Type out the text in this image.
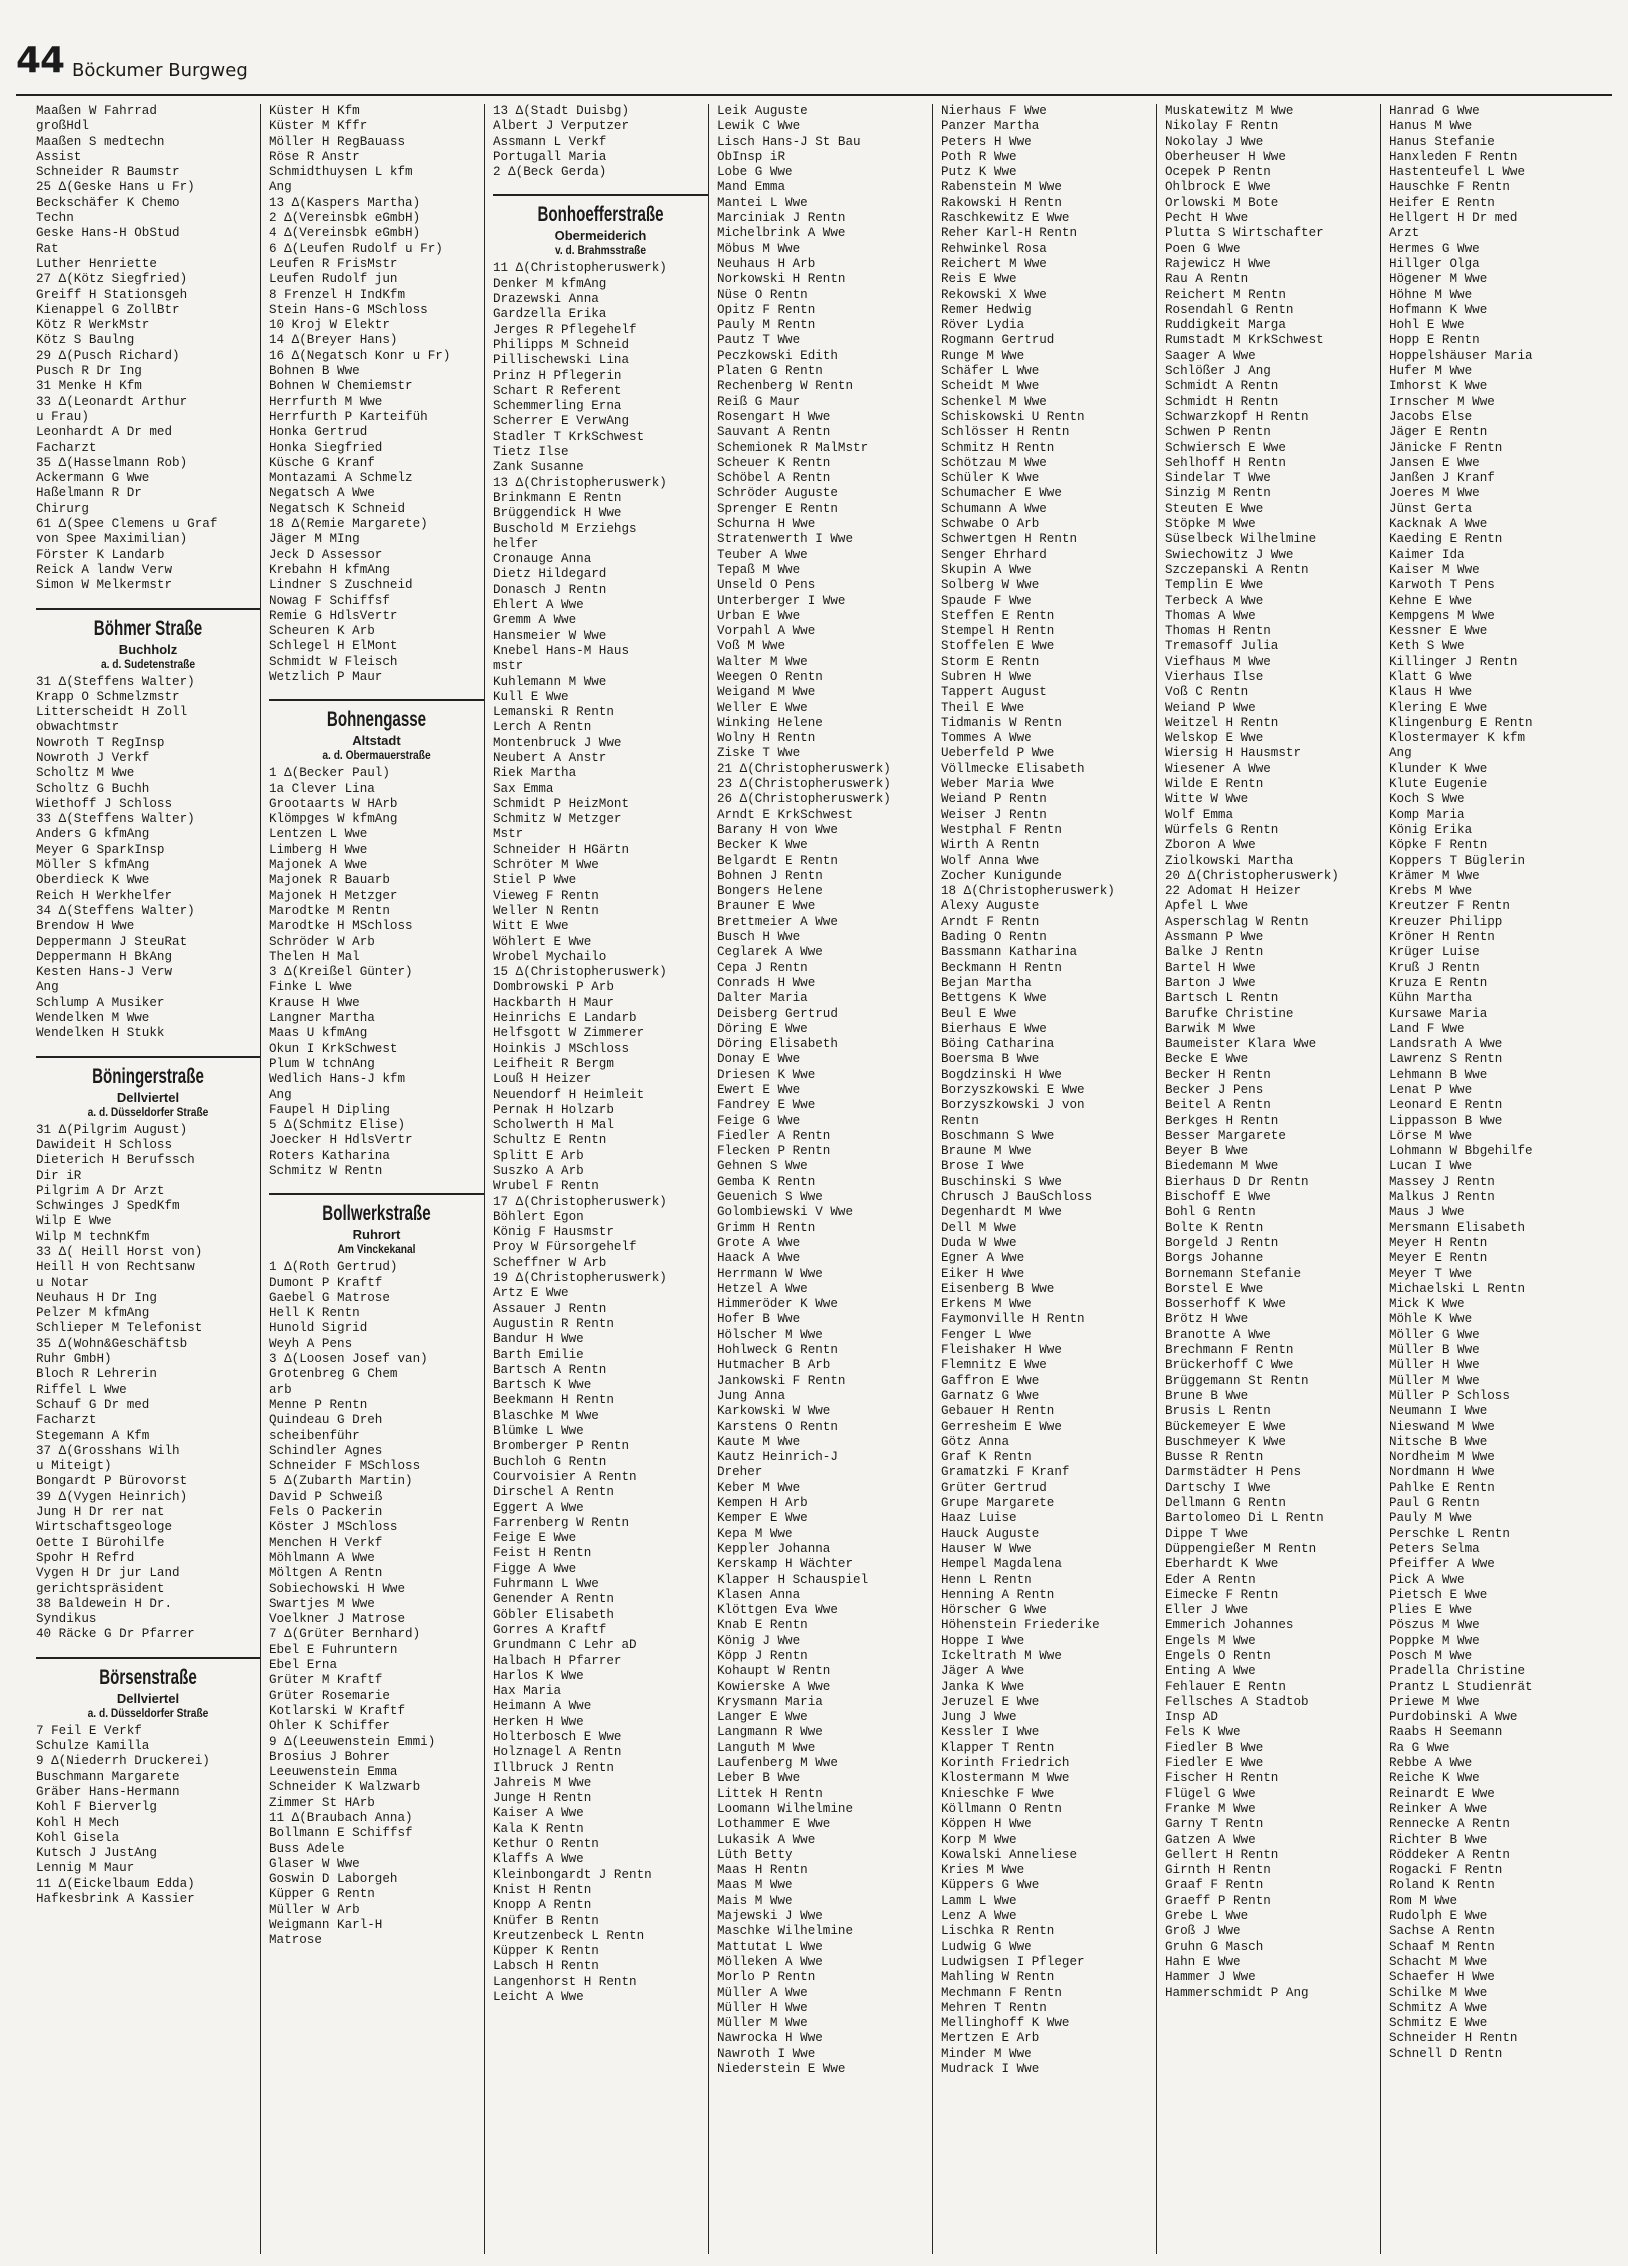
44 Böckumer Burgweg
Maaßen W Fahrrad
großHdl
Maaßen S medtechn
Assist
Schneider R Baumstr
25 Δ(Geske Hans u Fr)
Beckschäfer K Chemo
Techn
Geske Hans-H ObStud
Rat
Luther Henriette
27 Δ(Kötz Siegfried)
Greiff H Stationsgeh
Kienappel G ZollBtr
Kötz R WerkMstr
Kötz S Baulng
29 Δ(Pusch Richard)
Pusch R Dr Ing
31 Menke H Kfm
33 Δ(Leonardt Arthur
u Frau)
Leonhardt A Dr med
Facharzt
35 Δ(Hasselmann Rob)
Ackermann G Wwe
Haßelmann R Dr
Chirurg
61 Δ(Spee Clemens u Graf
von Spee Maximilian)
Förster K Landarb
Reick A landw Verw
Simon W Melkermstr
Böhmer Straße
Buchholz
a. d. Sudetenstraße
31 Δ(Steffens Walter)
Krapp O Schmelzmstr
Litterscheidt H Zoll
obwachtmstr
Nowroth T RegInsp
Nowroth J Verkf
Scholtz M Wwe
Scholtz G Buchh
Wiethoff J Schloss
33 Δ(Steffens Walter)
Anders G kfmAng
Meyer G SparkInsp
Möller S kfmAng
Oberdieck K Wwe
Reich H Werkhelfer
34 Δ(Steffens Walter)
Brendow H Wwe
Deppermann J SteuRat
Deppermann H BkAng
Kesten Hans-J Verw
Ang
Schlump A Musiker
Wendelken M Wwe
Wendelken H Stukk
Böningerstraße
Dellviertel
a. d. Düsseldorfer Straße
31 Δ(Pilgrim August)
Dawideit H Schloss
Dieterich H Berufssch
Dir iR
Pilgrim A Dr Arzt
Schwinges J SpedKfm
Wilp E Wwe
Wilp M technKfm
33 Δ( Heill Horst von)
Heill H von Rechtsanw
u Notar
Neuhaus H Dr Ing
Pelzer M kfmAng
Schlieper M Telefonist
35 Δ(Wohn&Geschäftsb
Ruhr GmbH)
Bloch R Lehrerin
Riffel L Wwe
Schauf G Dr med
Facharzt
Stegemann A Kfm
37 Δ(Grosshans Wilh
u Miteigt)
Bongardt P Bürovorst
39 Δ(Vygen Heinrich)
Jung H Dr rer nat
Wirtschaftsgeologe
Oette I Bürohilfe
Spohr H Refrd
Vygen H Dr jur Land
gerichtspräsident
38 Baldewein H Dr.
Syndikus
40 Räcke G Dr Pfarrer
Börsenstraße
Dellviertel
a. d. Düsseldorfer Straße
7 Feil E Verkf
Schulze Kamilla
9 Δ(Niederrh Druckerei)
Buschmann Margarete
Gräber Hans-Hermann
Kohl F Bierverlg
Kohl H Mech
Kohl Gisela
Kutsch J JustAng
Lennig M Maur
11 Δ(Eickelbaum Edda)
Hafkesbrink A Kassier
Küster H Kfm
Küster M Kffr
Möller H RegBauass
Röse R Anstr
Schmidthuysen L kfm
Ang
13 Δ(Kaspers Martha)
2 Δ(Vereinsbk eGmbH)
4 Δ(Vereinsbk eGmbH)
6 Δ(Leufen Rudolf u Fr)
Leufen R FrisMstr
Leufen Rudolf jun
8 Frenzel H IndKfm
Stein Hans-G MSchloss
10 Kroj W Elektr
14 Δ(Breyer Hans)
16 Δ(Negatsch Konr u Fr)
Bohnen B Wwe
Bohnen W Chemiemstr
Herrfurth M Wwe
Herrfurth P Karteifüh
Honka Gertrud
Honka Siegfried
Küsche G Kranf
Montazami A Schmelz
Negatsch A Wwe
Negatsch K Schneid
18 Δ(Remie Margarete)
Jäger M MIng
Jeck D Assessor
Krebahn H kfmAng
Lindner S Zuschneid
Nowag F Schiffsf
Remie G HdlsVertr
Scheuren K Arb
Schlegel H ElMont
Schmidt W Fleisch
Wetzlich P Maur
Bohnengasse
Altstadt
a. d. Obermauerstraße
1 Δ(Becker Paul)
1a Clever Lina
Grootaarts W HArb
Klömpges W kfmAng
Lentzen L Wwe
Limberg H Wwe
Majonek A Wwe
Majonek R Bauarb
Majonek H Metzger
Marodtke M Rentn
Marodtke H MSchloss
Schröder W Arb
Thelen H Mal
3 Δ(Kreißel Günter)
Finke L Wwe
Krause H Wwe
Langner Martha
Maas U kfmAng
Okun I KrkSchwest
Plum W tchnAng
Wedlich Hans-J kfm
Ang
Faupel H Dipling
5 Δ(Schmitz Elise)
Joecker H HdlsVertr
Roters Katharina
Schmitz W Rentn
Bollwerkstraße
Ruhrort
Am Vinckekanal
1 Δ(Roth Gertrud)
Dumont P Kraftf
Gaebel G Matrose
Hell K Rentn
Hunold Sigrid
Weyh A Pens
3 Δ(Loosen Josef van)
Grotenbreg G Chem
arb
Menne P Rentn
Quindeau G Dreh
scheibenführ
Schindler Agnes
Schneider F MSchloss
5 Δ(Zubarth Martin)
David P Schweiß
Fels O Packerin
Köster J MSchloss
Menchen H Verkf
Möhlmann A Wwe
Möltgen A Rentn
Sobiechowski H Wwe
Swartjes M Wwe
Voelkner J Matrose
7 Δ(Grüter Bernhard)
Ebel E Fuhruntern
Ebel Erna
Grüter M Kraftf
Grüter Rosemarie
Kotlarski W Kraftf
Ohler K Schiffer
9 Δ(Leeuwenstein Emmi)
Brosius J Bohrer
Leeuwenstein Emma
Schneider K Walzwarb
Zimmer St HArb
11 Δ(Braubach Anna)
Bollmann E Schiffsf
Buss Adele
Glaser W Wwe
Goswin D Laborgeh
Küpper G Rentn
Müller W Arb
Weigmann Karl-H
Matrose
13 Δ(Stadt Duisbg)
Albert J Verputzer
Assmann L Verkf
Portugall Maria
2 Δ(Beck Gerda)
Bonhoefferstraße
Obermeiderich
v. d. Brahmsstraße
11 Δ(Christopheruswerk)
Denker M kfmAng
Drazewski Anna
Gardzella Erika
Jerges R Pflegehelf
Philipps M Schneid
Pillischewski Lina
Prinz H Pflegerin
Schart R Referent
Schemmerling Erna
Scherrer E VerwAng
Stadler T KrkSchwest
Tietz Ilse
Zank Susanne
13 Δ(Christopheruswerk)
Brinkmann E Rentn
Brüggendick H Wwe
Buschold M Erziehgs
helfer
Cronauge Anna
Dietz Hildegard
Donasch J Rentn
Ehlert A Wwe
Gremm A Wwe
Hansmeier W Wwe
Knebel Hans-M Haus
mstr
Kuhlemann M Wwe
Kull E Wwe
Lemanski R Rentn
Lerch A Rentn
Montenbruck J Wwe
Neubert A Anstr
Riek Martha
Sax Emma
Schmidt P HeizMont
Schmitz W Metzger
Mstr
Schneider H HGärtn
Schröter M Wwe
Stiel P Wwe
Vieweg F Rentn
Weller N Rentn
Witt E Wwe
Wöhlert E Wwe
Wrobel Mychailo
15 Δ(Christopheruswerk)
Dombrowski P Arb
Hackbarth H Maur
Heinrichs E Landarb
Helfsgott W Zimmerer
Hoinkis J MSchloss
Leifheit R Bergm
Louß H Heizer
Neuendorf H Heimleit
Pernak H Holzarb
Scholwerth H Mal
Schultz E Rentn
Splitt E Arb
Suszko A Arb
Wrubel F Rentn
17 Δ(Christopheruswerk)
Böhlert Egon
König F Hausmstr
Proy W Fürsorgehelf
Scheffner W Arb
19 Δ(Christopheruswerk)
Artz E Wwe
Assauer J Rentn
Augustin R Rentn
Bandur H Wwe
Barth Emilie
Bartsch A Rentn
Bartsch K Wwe
Beekmann H Rentn
Blaschke M Wwe
Blümke L Wwe
Bromberger P Rentn
Buchloh G Rentn
Courvoisier A Rentn
Dirschel A Rentn
Eggert A Wwe
Farrenberg W Rentn
Feige E Wwe
Feist H Rentn
Figge A Wwe
Fuhrmann L Wwe
Genender A Rentn
Göbler Elisabeth
Gorres A Kraftf
Grundmann C Lehr aD
Halbach H Pfarrer
Harlos K Wwe
Hax Maria
Heimann A Wwe
Herken H Wwe
Holterbosch E Wwe
Holznagel A Rentn
Illbruck J Rentn
Jahreis M Wwe
Junge H Rentn
Kaiser A Wwe
Kala K Rentn
Kethur O Rentn
Klaffs A Wwe
Kleinbongardt J Rentn
Knist H Rentn
Knopp A Rentn
Knüfer B Rentn
Kreutzenbeck L Rentn
Küpper K Rentn
Labsch H Rentn
Langenhorst H Rentn
Leicht A Wwe
Leik Auguste
Lewik C Wwe
Lisch Hans-J St Bau
ObInsp iR
Lobe G Wwe
Mand Emma
Mantei L Wwe
Marciniak J Rentn
Michelbrink A Wwe
Möbus M Wwe
Neuhaus H Arb
Norkowski H Rentn
Nüse O Rentn
Opitz F Rentn
Pauly M Rentn
Pautz T Wwe
Peczkowski Edith
Platen G Rentn
Rechenberg W Rentn
Reiß G Maur
Rosengart H Wwe
Sauvant A Rentn
Schemionek R MalMstr
Scheuer K Rentn
Schöbel A Rentn
Schröder Auguste
Sprenger E Rentn
Schurna H Wwe
Stratenwerth I Wwe
Teuber A Wwe
Tepaß M Wwe
Unseld O Pens
Unterberger I Wwe
Urban E Wwe
Vorpahl A Wwe
Voß M Wwe
Walter M Wwe
Weegen O Rentn
Weigand M Wwe
Weller E Wwe
Winking Helene
Wolny H Rentn
Ziske T Wwe
21 Δ(Christopheruswerk)
23 Δ(Christopheruswerk)
26 Δ(Christopheruswerk)
Arndt E KrkSchwest
Barany H von Wwe
Becker K Wwe
Belgardt E Rentn
Bohnen J Rentn
Bongers Helene
Brauner E Wwe
Brettmeier A Wwe
Busch H Wwe
Ceglarek A Wwe
Cepa J Rentn
Conrads H Wwe
Dalter Maria
Deisberg Gertrud
Döring E Wwe
Döring Elisabeth
Donay E Wwe
Driesen K Wwe
Ewert E Wwe
Fandrey E Wwe
Feige G Wwe
Fiedler A Rentn
Flecken P Rentn
Gehnen S Wwe
Gemba K Rentn
Geuenich S Wwe
Golombiewski V Wwe
Grimm H Rentn
Grote A Wwe
Haack A Wwe
Herrmann W Wwe
Hetzel A Wwe
Himmeröder K Wwe
Hofer B Wwe
Hölscher M Wwe
Hohlweck G Rentn
Hutmacher B Arb
Jankowski F Rentn
Jung Anna
Karkowski W Wwe
Karstens O Rentn
Kaute M Wwe
Kautz Heinrich-J
Dreher
Keber M Wwe
Kempen H Arb
Kemper E Wwe
Kepa M Wwe
Keppler Johanna
Kerskamp H Wächter
Klapper H Schauspiel
Klasen Anna
Klöttgen Eva Wwe
Knab E Rentn
König J Wwe
Köpp J Rentn
Kohaupt W Rentn
Kowierske A Wwe
Krysmann Maria
Langer E Wwe
Langmann R Wwe
Languth M Wwe
Laufenberg M Wwe
Leber B Wwe
Littek H Rentn
Loomann Wilhelmine
Lothammer E Wwe
Lukasik A Wwe
Lüth Betty
Maas H Rentn
Maas M Wwe
Mais M Wwe
Majewski J Wwe
Maschke Wilhelmine
Mattutat L Wwe
Mölleken A Wwe
Morlo P Rentn
Müller A Wwe
Müller H Wwe
Müller M Wwe
Nawrocka H Wwe
Nawroth I Wwe
Niederstein E Wwe
Nierhaus F Wwe
Panzer Martha
Peters H Wwe
Poth R Wwe
Putz K Wwe
Rabenstein M Wwe
Rakowski H Rentn
Raschkewitz E Wwe
Reher Karl-H Rentn
Rehwinkel Rosa
Reichert M Wwe
Reis E Wwe
Rekowski X Wwe
Remer Hedwig
Röver Lydia
Rogmann Gertrud
Runge M Wwe
Schäfer L Wwe
Scheidt M Wwe
Schenkel M Wwe
Schiskowski U Rentn
Schlösser H Rentn
Schmitz H Rentn
Schötzau M Wwe
Schüler K Wwe
Schumacher E Wwe
Schumann A Wwe
Schwabe O Arb
Schwertgen H Rentn
Senger Ehrhard
Skupin A Wwe
Solberg W Wwe
Spaude F Wwe
Steffen E Rentn
Stempel H Rentn
Stoffelen E Wwe
Storm E Rentn
Subren H Wwe
Tappert August
Theil E Wwe
Tidmanis W Rentn
Tommes A Wwe
Ueberfeld P Wwe
Völlmecke Elisabeth
Weber Maria Wwe
Weiand P Rentn
Weiser J Rentn
Westphal F Rentn
Wirth A Rentn
Wolf Anna Wwe
Zocher Kunigunde
18 Δ(Christopheruswerk)
Alexy Auguste
Arndt F Rentn
Bading O Rentn
Bassmann Katharina
Beckmann H Rentn
Bejan Martha
Bettgens K Wwe
Beul E Wwe
Bierhaus E Wwe
Böing Catharina
Boersma B Wwe
Bogdzinski H Wwe
Borzyszkowski E Wwe
Borzyszkowski J von
Rentn
Boschmann S Wwe
Braune M Wwe
Brose I Wwe
Buschinski S Wwe
Chrusch J BauSchloss
Degenhardt M Wwe
Dell M Wwe
Duda W Wwe
Egner A Wwe
Eiker H Wwe
Eisenberg B Wwe
Erkens M Wwe
Faymonville H Rentn
Fenger L Wwe
Fleishaker H Wwe
Flemnitz E Wwe
Gaffron E Wwe
Garnatz G Wwe
Gebauer H Rentn
Gerresheim E Wwe
Götz Anna
Graf K Rentn
Gramatzki F Kranf
Grüter Gertrud
Grupe Margarete
Haaz Luise
Hauck Auguste
Hauser W Wwe
Hempel Magdalena
Henn L Rentn
Henning A Rentn
Hörscher G Wwe
Höhenstein Friederike
Hoppe I Wwe
Ickeltrath M Wwe
Jäger A Wwe
Janka K Wwe
Jeruzel E Wwe
Jung J Wwe
Kessler I Wwe
Klapper T Rentn
Korinth Friedrich
Klostermann M Wwe
Knieschke F Wwe
Köllmann O Rentn
Köppen H Wwe
Korp M Wwe
Kowalski Anneliese
Kries M Wwe
Küppers G Wwe
Lamm L Wwe
Lenz A Wwe
Lischka R Rentn
Ludwig G Wwe
Ludwigsen I Pfleger
Mahling W Rentn
Mechmann F Rentn
Mehren T Rentn
Mellinghoff K Wwe
Mertzen E Arb
Minder M Wwe
Mudrack I Wwe
Muskatewitz M Wwe
Nikolay F Rentn
Nokolay J Wwe
Oberheuser H Wwe
Ocepek P Rentn
Ohlbrock E Wwe
Orlowski M Bote
Pecht H Wwe
Plutta S Wirtschafter
Poen G Wwe
Rajewicz H Wwe
Rau A Rentn
Reichert M Rentn
Rosendahl G Rentn
Ruddigkeit Marga
Rumstadt M KrkSchwest
Saager A Wwe
Schlößer J Ang
Schmidt A Rentn
Schmidt H Rentn
Schwarzkopf H Rentn
Schwen P Rentn
Schwiersch E Wwe
Sehlhoff H Rentn
Sindelar T Wwe
Sinzig M Rentn
Steuten E Wwe
Stöpke M Wwe
Süselbeck Wilhelmine
Swiechowitz J Wwe
Szczepanski A Rentn
Templin E Wwe
Terbeck A Wwe
Thomas A Wwe
Thomas H Rentn
Tremasoff Julia
Viefhaus M Wwe
Vierhaus Ilse
Voß C Rentn
Weiand P Wwe
Weitzel H Rentn
Welskop E Wwe
Wiersig H Hausmstr
Wiesener A Wwe
Wilde E Rentn
Witte W Wwe
Wolf Emma
Würfels G Rentn
Zboron A Wwe
Ziolkowski Martha
20 Δ(Christopheruswerk)
22 Adomat H Heizer
Apfel L Wwe
Asperschlag W Rentn
Assmann P Wwe
Balke J Rentn
Bartel H Wwe
Barton J Wwe
Bartsch L Rentn
Barufke Christine
Barwik M Wwe
Baumeister Klara Wwe
Becke E Wwe
Becker H Rentn
Becker J Pens
Beitel A Rentn
Berkges H Rentn
Besser Margarete
Beyer B Wwe
Biedemann M Wwe
Bierhaus D Dr Rentn
Bischoff E Wwe
Bohl G Rentn
Bolte K Rentn
Borgeld J Rentn
Borgs Johanne
Bornemann Stefanie
Borstel E Wwe
Bosserhoff K Wwe
Brötz H Wwe
Branotte A Wwe
Brechmann F Rentn
Brückerhoff C Wwe
Brüggemann St Rentn
Brune B Wwe
Brusis L Rentn
Bückemeyer E Wwe
Buschmeyer K Wwe
Busse R Rentn
Darmstädter H Pens
Dartschy I Wwe
Dellmann G Rentn
Bartolomeo Di L Rentn
Dippe T Wwe
Düppengießer M Rentn
Eberhardt K Wwe
Eder A Rentn
Eimecke F Rentn
Eller J Wwe
Emmerich Johannes
Engels M Wwe
Engels O Rentn
Enting A Wwe
Fehlauer E Rentn
Fellsches A Stadtob
Insp AD
Fels K Wwe
Fiedler B Wwe
Fiedler E Wwe
Fischer H Rentn
Flügel G Wwe
Franke M Wwe
Garny T Rentn
Gatzen A Wwe
Gellert H Rentn
Girnth H Rentn
Graaf F Rentn
Graeff P Rentn
Grebe L Wwe
Groß J Wwe
Gruhn G Masch
Hahn E Wwe
Hammer J Wwe
Hammerschmidt P Ang
Hanrad G Wwe
Hanus M Wwe
Hanus Stefanie
Hanxleden F Rentn
Hastenteufel L Wwe
Hauschke F Rentn
Heifer E Rentn
Hellgert H Dr med
Arzt
Hermes G Wwe
Hillger Olga
Högener M Wwe
Höhne M Wwe
Hofmann K Wwe
Hohl E Wwe
Hopp E Rentn
Hoppelshäuser Maria
Hufer M Wwe
Imhorst K Wwe
Irnscher M Wwe
Jacobs Else
Jäger E Rentn
Jänicke F Rentn
Jansen E Wwe
Janßen J Kranf
Joeres M Wwe
Jünst Gerta
Kacknak A Wwe
Kaeding E Rentn
Kaimer Ida
Kaiser M Wwe
Karwoth T Pens
Kehne E Wwe
Kempgens M Wwe
Kessner E Wwe
Keth S Wwe
Killinger J Rentn
Klatt G Wwe
Klaus H Wwe
Klering E Wwe
Klingenburg E Rentn
Klostermayer K kfm
Ang
Klunder K Wwe
Klute Eugenie
Koch S Wwe
Komp Maria
König Erika
Köpke F Rentn
Koppers T Büglerin
Krämer M Wwe
Krebs M Wwe
Kreutzer F Rentn
Kreuzer Philipp
Kröner H Rentn
Krüger Luise
Kruß J Rentn
Kruza E Rentn
Kühn Martha
Kursawe Maria
Land F Wwe
Landsrath A Wwe
Lawrenz S Rentn
Lehmann B Wwe
Lenat P Wwe
Leonard E Rentn
Lippasson B Wwe
Lörse M Wwe
Lohmann W Bbgehilfe
Lucan I Wwe
Massey J Rentn
Malkus J Rentn
Maus J Wwe
Mersmann Elisabeth
Meyer H Rentn
Meyer E Rentn
Meyer T Wwe
Michaelski L Rentn
Mick K Wwe
Möhle K Wwe
Möller G Wwe
Müller B Wwe
Müller H Wwe
Müller M Wwe
Müller P Schloss
Neumann I Wwe
Nieswand M Wwe
Nitsche B Wwe
Nordheim M Wwe
Nordmann H Wwe
Pahlke E Rentn
Paul G Rentn
Pauly M Wwe
Perschke L Rentn
Peters Selma
Pfeiffer A Wwe
Pick A Wwe
Pietsch E Wwe
Plies E Wwe
Pöszus M Wwe
Poppke M Wwe
Posch M Wwe
Pradella Christine
Prantz L Studienrät
Priewe M Wwe
Purdobinski A Wwe
Raabs H Seemann
Ra G Wwe
Rebbe A Wwe
Reiche K Wwe
Reinardt E Wwe
Reinker A Wwe
Renneckе A Rentn
Richter B Wwe
Röddeker A Rentn
Rogacki F Rentn
Roland K Rentn
Rom M Wwe
Rudolph E Wwe
Sachse A Rentn
Schaaf M Rentn
Schacht M Wwe
Schaefer H Wwe
Schilke M Wwe
Schmitz A Wwe
Schmitz E Wwe
Schneider H Rentn
Schnell D Rentn
